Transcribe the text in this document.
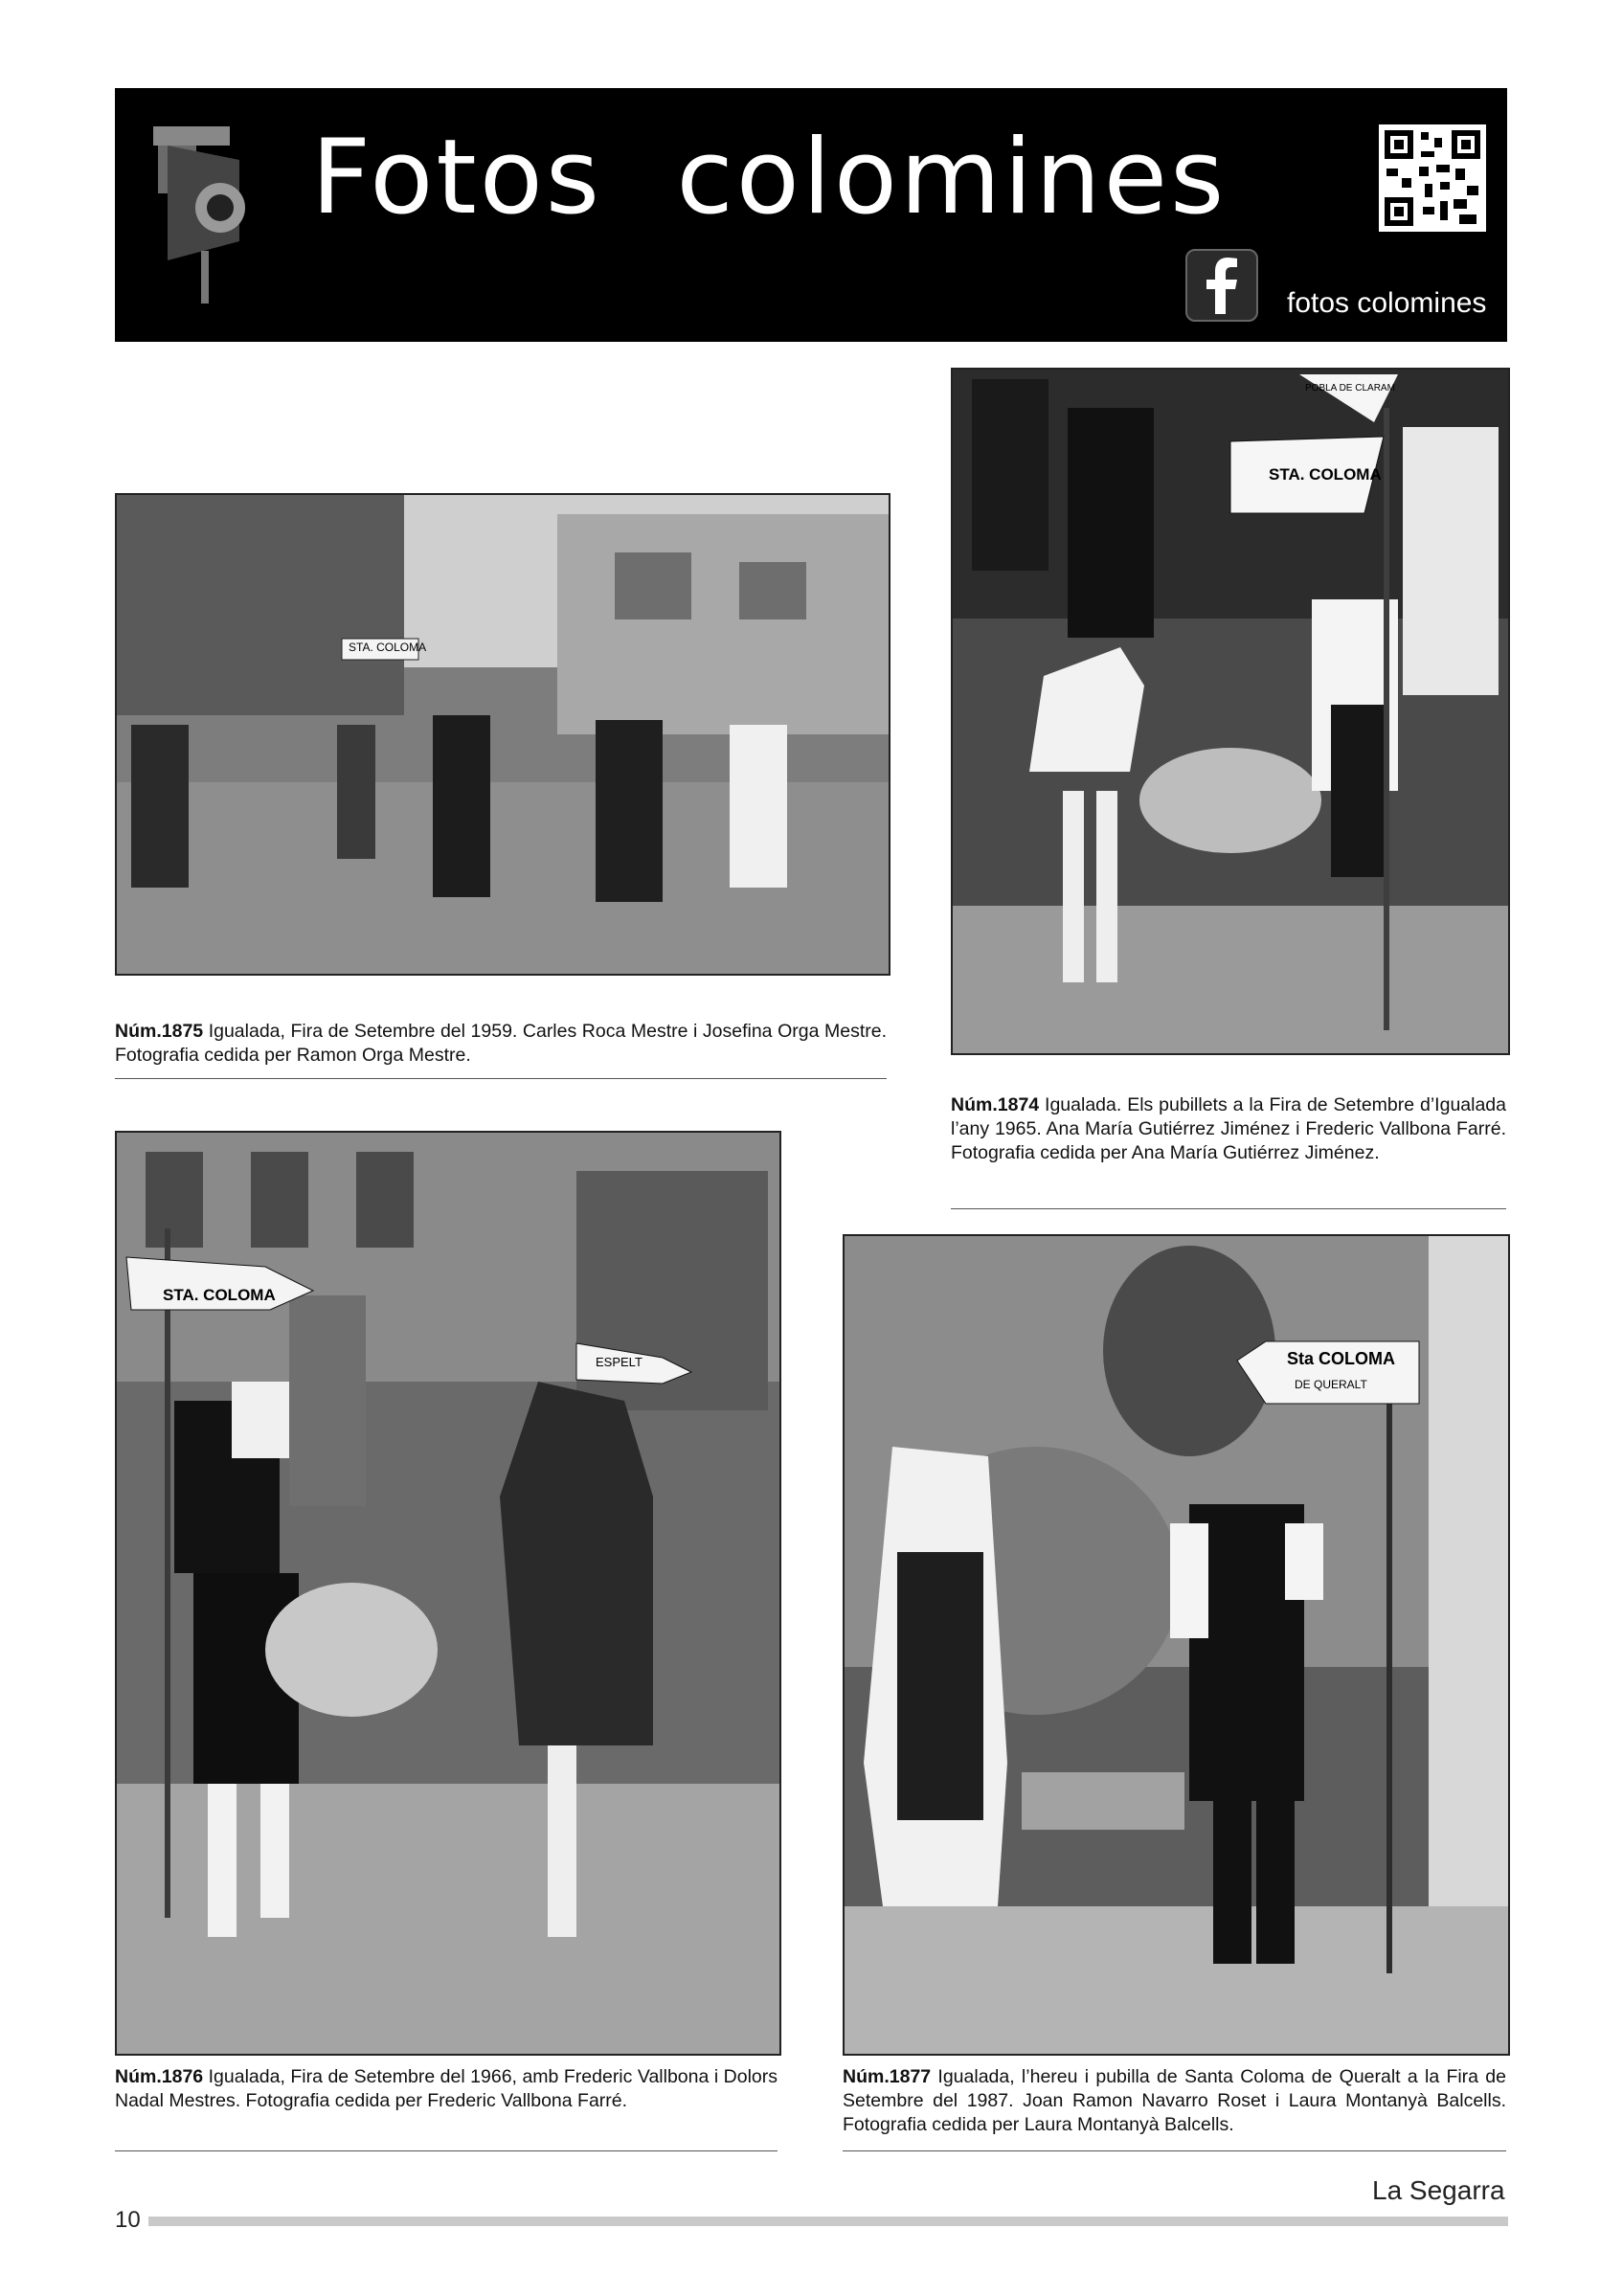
Fotos colomines
fotos colomines
STA. COLOMA
Núm.1875 Igualada, Fira de Setembre del 1959. Carles Roca Mestre i Josefina Orga Mestre. Fotografia cedida per Ramon Orga Mestre.
STA. COLOMA
POBLA DE CLARAM
Núm.1874 Igualada. Els pubillets a la Fira de Setembre d’Igualada l’any 1965. Ana María Gutiérrez Jiménez i Frederic Vallbona Farré. Fotografia cedida per Ana María Gutiérrez Jiménez.
STA. COLOMA
ESPELT
Núm.1876 Igualada, Fira de Setembre del 1966, amb Frederic Vallbona i Dolors Nadal Mestres. Fotografia cedida per Frederic Vallbona Farré.
Sta COLOMA
DE QUERALT
Núm.1877 Igualada, l’hereu i pubilla de Santa Coloma de Queralt a la Fira de Setembre del 1987. Joan Ramon Navarro Roset i Laura Montanyà Balcells. Fotografia cedida per Laura Montanyà Balcells.
La Segarra
10
